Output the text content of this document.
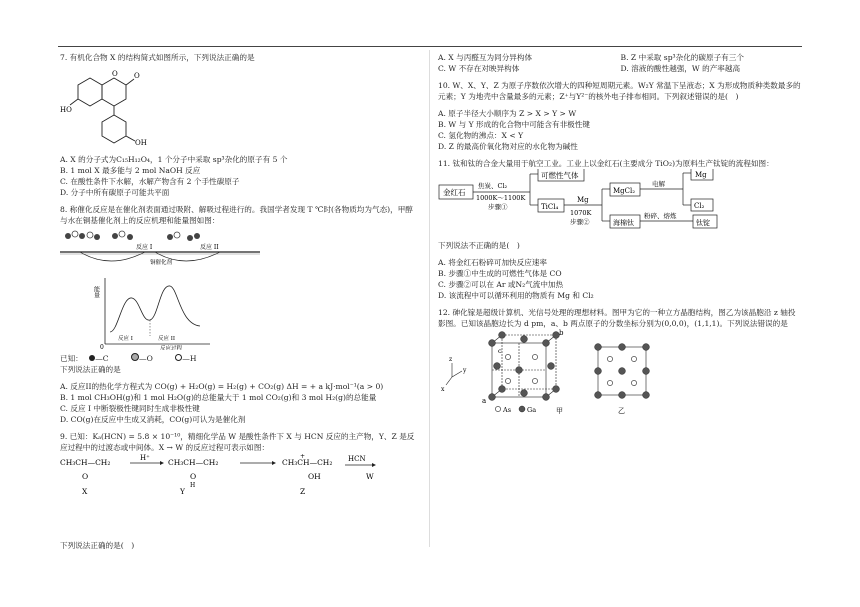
7. 有机化合物 X 的结构简式如图所示，下列说法正确的是

O
O
HO
OH

A. X 的分子式为C₁₅H₁₂O₄，1 个分子中采取 sp³杂化的原子有 5 个

B. 1 mol X 最多能与 2 mol NaOH 反应

C. 在酸性条件下水解，水解产物含有 2 个手性碳原子

D. 分子中所有碳原子可能共平面

8. 称催化反应是在催化剂表面通过吸附、解吸过程进行的。我国学者发现 T ℃时(各物质均为气态)，甲醇与水在铜基催化剂上的反应机理和能量图如图：

反应 I	反应 II
铜催化剂
能量
0
反应 I	反应 II
反应过程

已知： —C	—O	—H

下列说法正确的是

A. 反应II的热化学方程式为 CO(g) + H₂O(g) = H₂(g) + CO₂(g) ΔH = + a kJ·mol⁻¹(a > 0)

B. 1 mol CH₃OH(g)和 1 mol H₂O(g)的总能量大于 1 mol CO₂(g)和 3 mol H₂(g)的总能量

C. 反应 I 中断裂极性键同时生成非极性键

D. CO(g)在反应中生成又消耗，CO(g)可认为是催化剂

9. 已知：Kₐ(HCN) = 5.8 × 10⁻¹⁰，精细化学品 W 是酸性条件下 X 与 HCN 反应的主产物，Y、Z 是反应过程中的过渡态或中间体。X → W 的反应过程可表示如图：

CH₃CH—CH₂
O
X
H⁺ CH₃CH—CH₂
O
H
Y
CH₃CH—CH₂
+
OH
Z
HCN
W
下列说法正确的是(　)
A. X 与丙醛互为同分异构体	B. Z 中采取 sp³杂化的碳原子有三个
C. W 不存在对映异构体	D. 溶液的酸性越强，W 的产率越高

10. W、X、Y、Z 为原子序数依次增大的四种短周期元素。W₂Y 常温下呈液态；X 为形成物质种类数最多的元素；Y 为地壳中含量最多的元素；Z⁺与Y²⁻的核外电子排布相同。下列叙述错误的是(　)

A. 原子半径大小顺序为 Z > X > Y > W

B. W 与 Y 形成的化合物中可能含有非极性键

C. 氢化物的沸点：X < Y

D. Z 的最高价氧化物对应的水化物为碱性

11. 钛和钛的合金大量用于航空工业。工业上以金红石(主要成分 TiO₂)为原料生产钛锭的流程如图：

金红石
焦炭、Cl₂
1000K～1100K
步骤①
可燃性气体
TiCl₄
Mg
1070K
步骤②
MgCl₂
电解
Mg
Cl₂
海棉钛
粉碎、熔炼
钛锭

下列说法不正确的是(　)

A. 将金红石粉碎可加快反应速率

B. 步骤①中生成的可燃性气体是 CO

C. 步骤②可以在 Ar 或N₂气流中加热

D. 该流程中可以循环利用的物质有 Mg 和 Cl₂

12. 砷化镓是超级计算机、光信号处理的理想材料。图甲为它的一种立方晶胞结构，图乙为该晶胞沿 z 轴投影图。已知该晶胞边长为 d pm，a、b 两点原子的分数坐标分别为(0,0,0)，(1,1,1)。下列说法错误的是

z
y
x
b
c
a
As Ga	甲	乙
